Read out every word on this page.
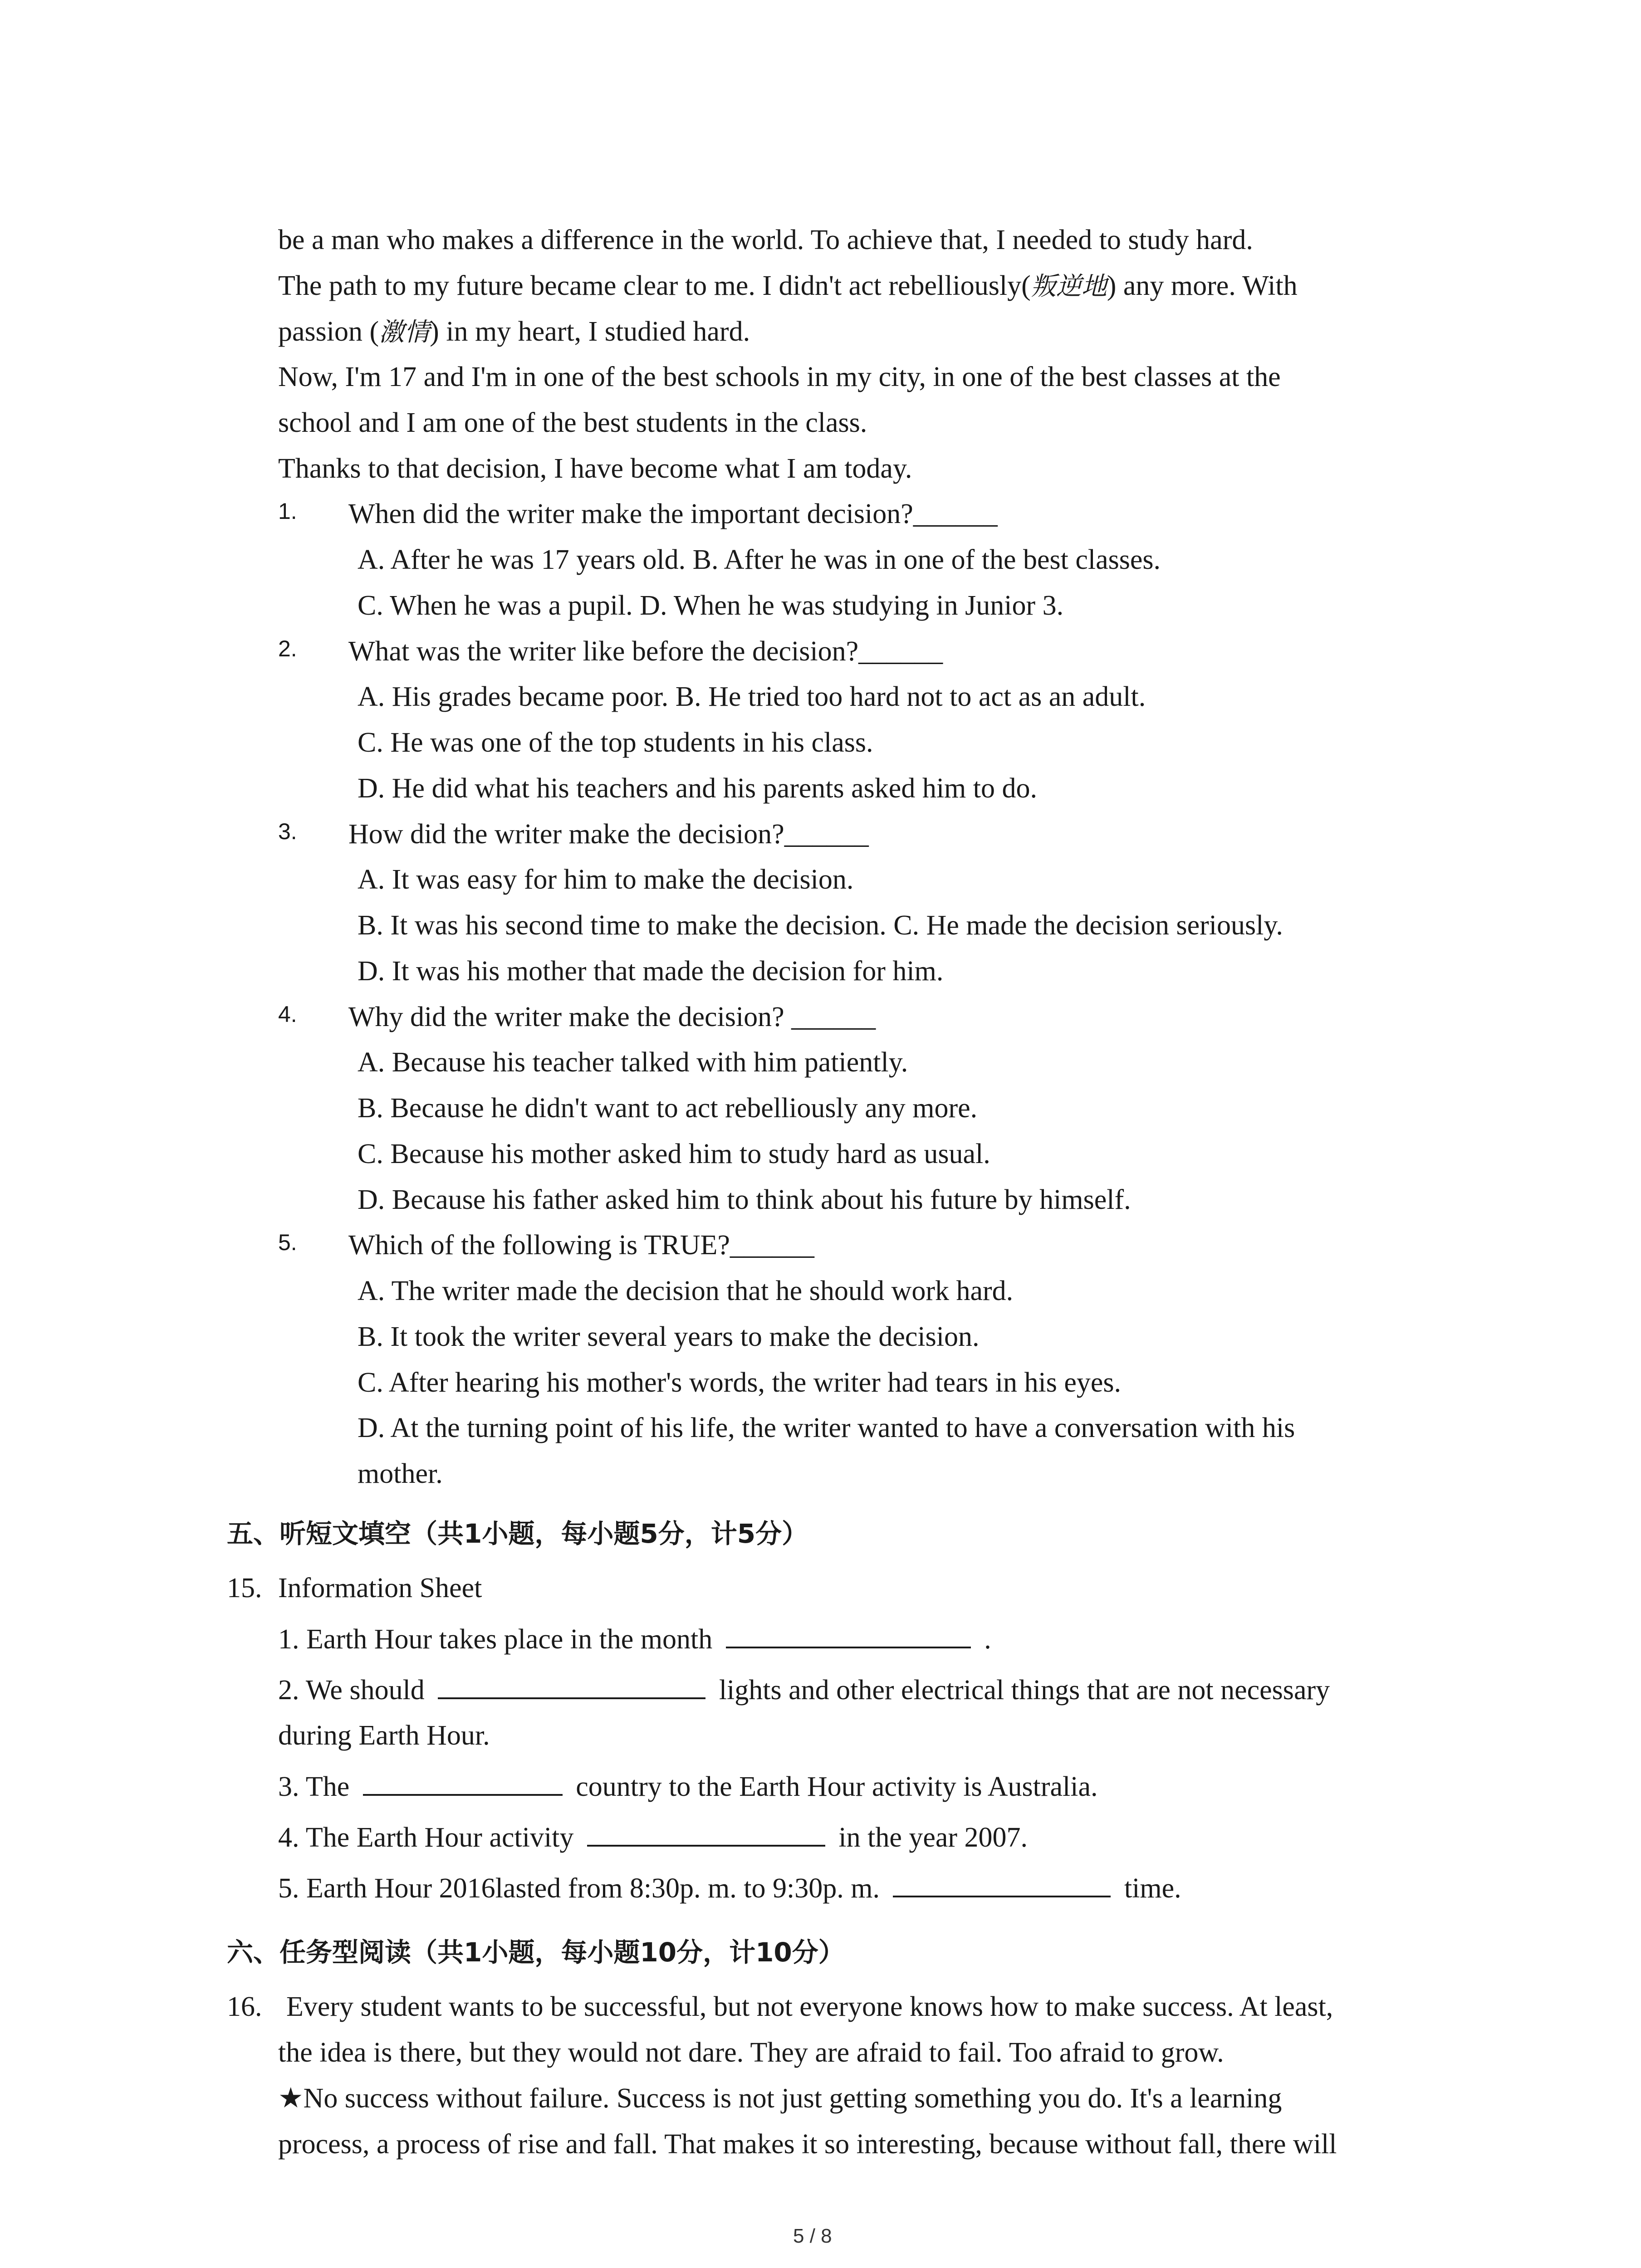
be a man who makes a difference in the world. To achieve that, I needed to study hard.
The path to my future became clear to me. I didn't act rebelliously(叛逆地) any more. With
passion (激情) in my heart, I studied hard.
Now, I'm 17 and I'm in one of the best schools in my city, in one of the best classes at the
school and I am one of the best students in the class.
Thanks to that decision, I have become what I am today.
1. When did the writer make the important decision?______
A. After he was 17 years old. B. After he was in one of the best classes.
C. When he was a pupil. D. When he was studying in Junior 3.
2. What was the writer like before the decision?______
A. His grades became poor. B. He tried too hard not to act as an adult.
C. He was one of the top students in his class.
D. He did what his teachers and his parents asked him to do.
3. How did the writer make the decision?______
A. It was easy for him to make the decision.
B. It was his second time to make the decision. C. He made the decision seriously.
D. It was his mother that made the decision for him.
4. Why did the writer make the decision? ______
A. Because his teacher talked with him patiently.
B. Because he didn't want to act rebelliously any more.
C. Because his mother asked him to study hard as usual.
D. Because his father asked him to think about his future by himself.
5. Which of the following is TRUE?______
A. The writer made the decision that he should work hard.
B. It took the writer several years to make the decision.
C. After hearing his mother's words, the writer had tears in his eyes.
D. At the turning point of his life, the writer wanted to have a conversation with his
mother.
五、听短文填空（共1小题，每小题5分，计5分）
15. Information Sheet
1. Earth Hour takes place in the month	.
2. We should	lights and other electrical things that are not necessary
during Earth Hour.
3. The	country to the Earth Hour activity is Australia.
4. The Earth Hour activity	in the year 2007.
5. Earth Hour 2016lasted from 8:30p. m. to 9:30p. m.	time.
六、任务型阅读（共1小题，每小题10分，计10分）
16. Every student wants to be successful, but not everyone knows how to make success. At least,
the idea is there, but they would not dare. They are afraid to fail. Too afraid to grow.
★No success without failure. Success is not just getting something you do. It's a learning
process, a process of rise and fall. That makes it so interesting, because without fall, there will
5 / 8
